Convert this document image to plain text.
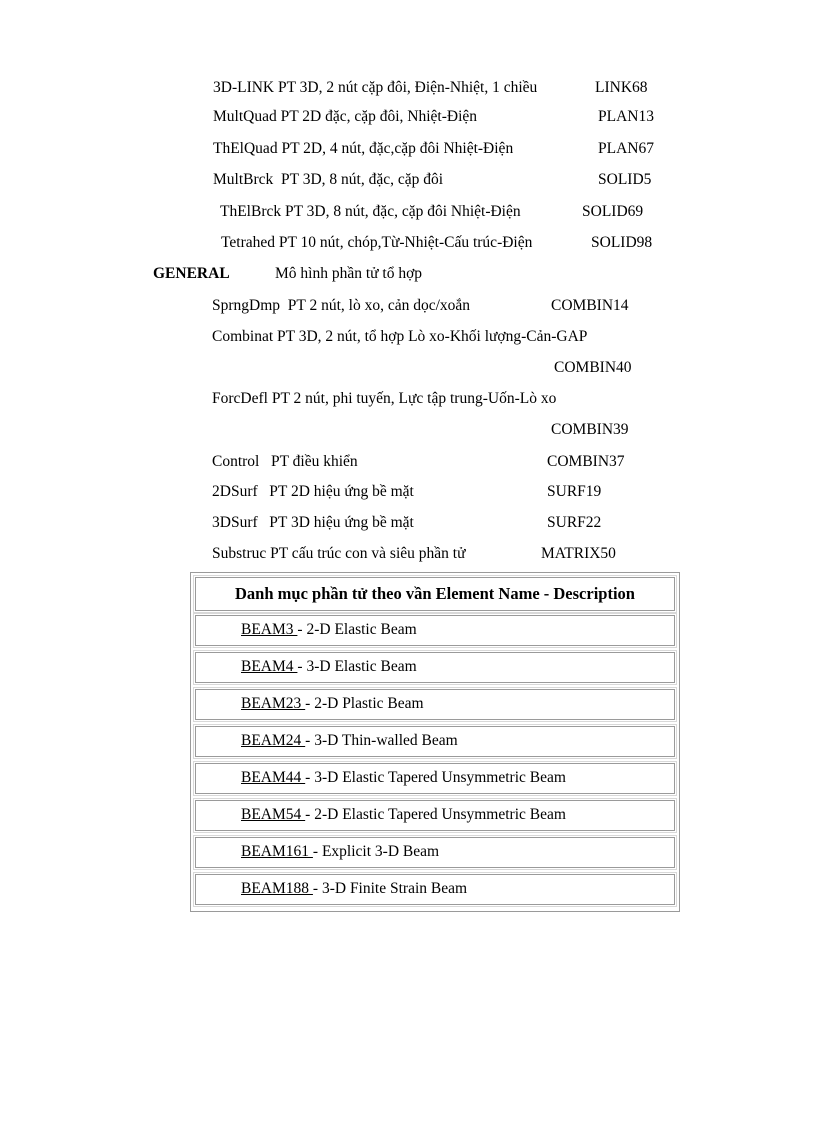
3D-LINK PT 3D, 2 nút cặp đôi, Điện-Nhiệt, 1 chiều	LINK68
MultQuad PT 2D đặc, cặp đôi, Nhiệt-Điện	PLAN13
ThElQuad PT 2D, 4 nút, đặc,cặp đôi Nhiệt-Điện	PLAN67
MultBrck PT 3D, 8 nút, đặc, cặp đôi	SOLID5
ThElBrck PT 3D, 8 nút, đặc, cặp đôi Nhiệt-Điện	SOLID69
Tetrahed PT 10 nút, chóp,Từ-Nhiệt-Cấu trúc-Điện	SOLID98
GENERAL	Mô hình phần tử tổ hợp
SprngDmp PT 2 nút, lò xo, cản dọc/xoắn	COMBIN14
Combinat PT 3D, 2 nút, tổ hợp Lò xo-Khối lượng-Cản-GAP
COMBIN40
ForcDefl PT 2 nút, phi tuyến, Lực tập trung-Uốn-Lò xo
COMBIN39
Control PT điều khiển	COMBIN37
2DSurf PT 2D hiệu ứng bề mặt	SURF19
3DSurf PT 3D hiệu ứng bề mặt	SURF22
Substruc PT cấu trúc con và siêu phần tử	MATRIX50
Danh mục phần tử theo vần Element Name - Description
BEAM3 - 2-D Elastic Beam
BEAM4 - 3-D Elastic Beam
BEAM23 - 2-D Plastic Beam
BEAM24 - 3-D Thin-walled Beam
BEAM44 - 3-D Elastic Tapered Unsymmetric Beam
BEAM54 - 2-D Elastic Tapered Unsymmetric Beam
BEAM161 - Explicit 3-D Beam
BEAM188 - 3-D Finite Strain Beam
